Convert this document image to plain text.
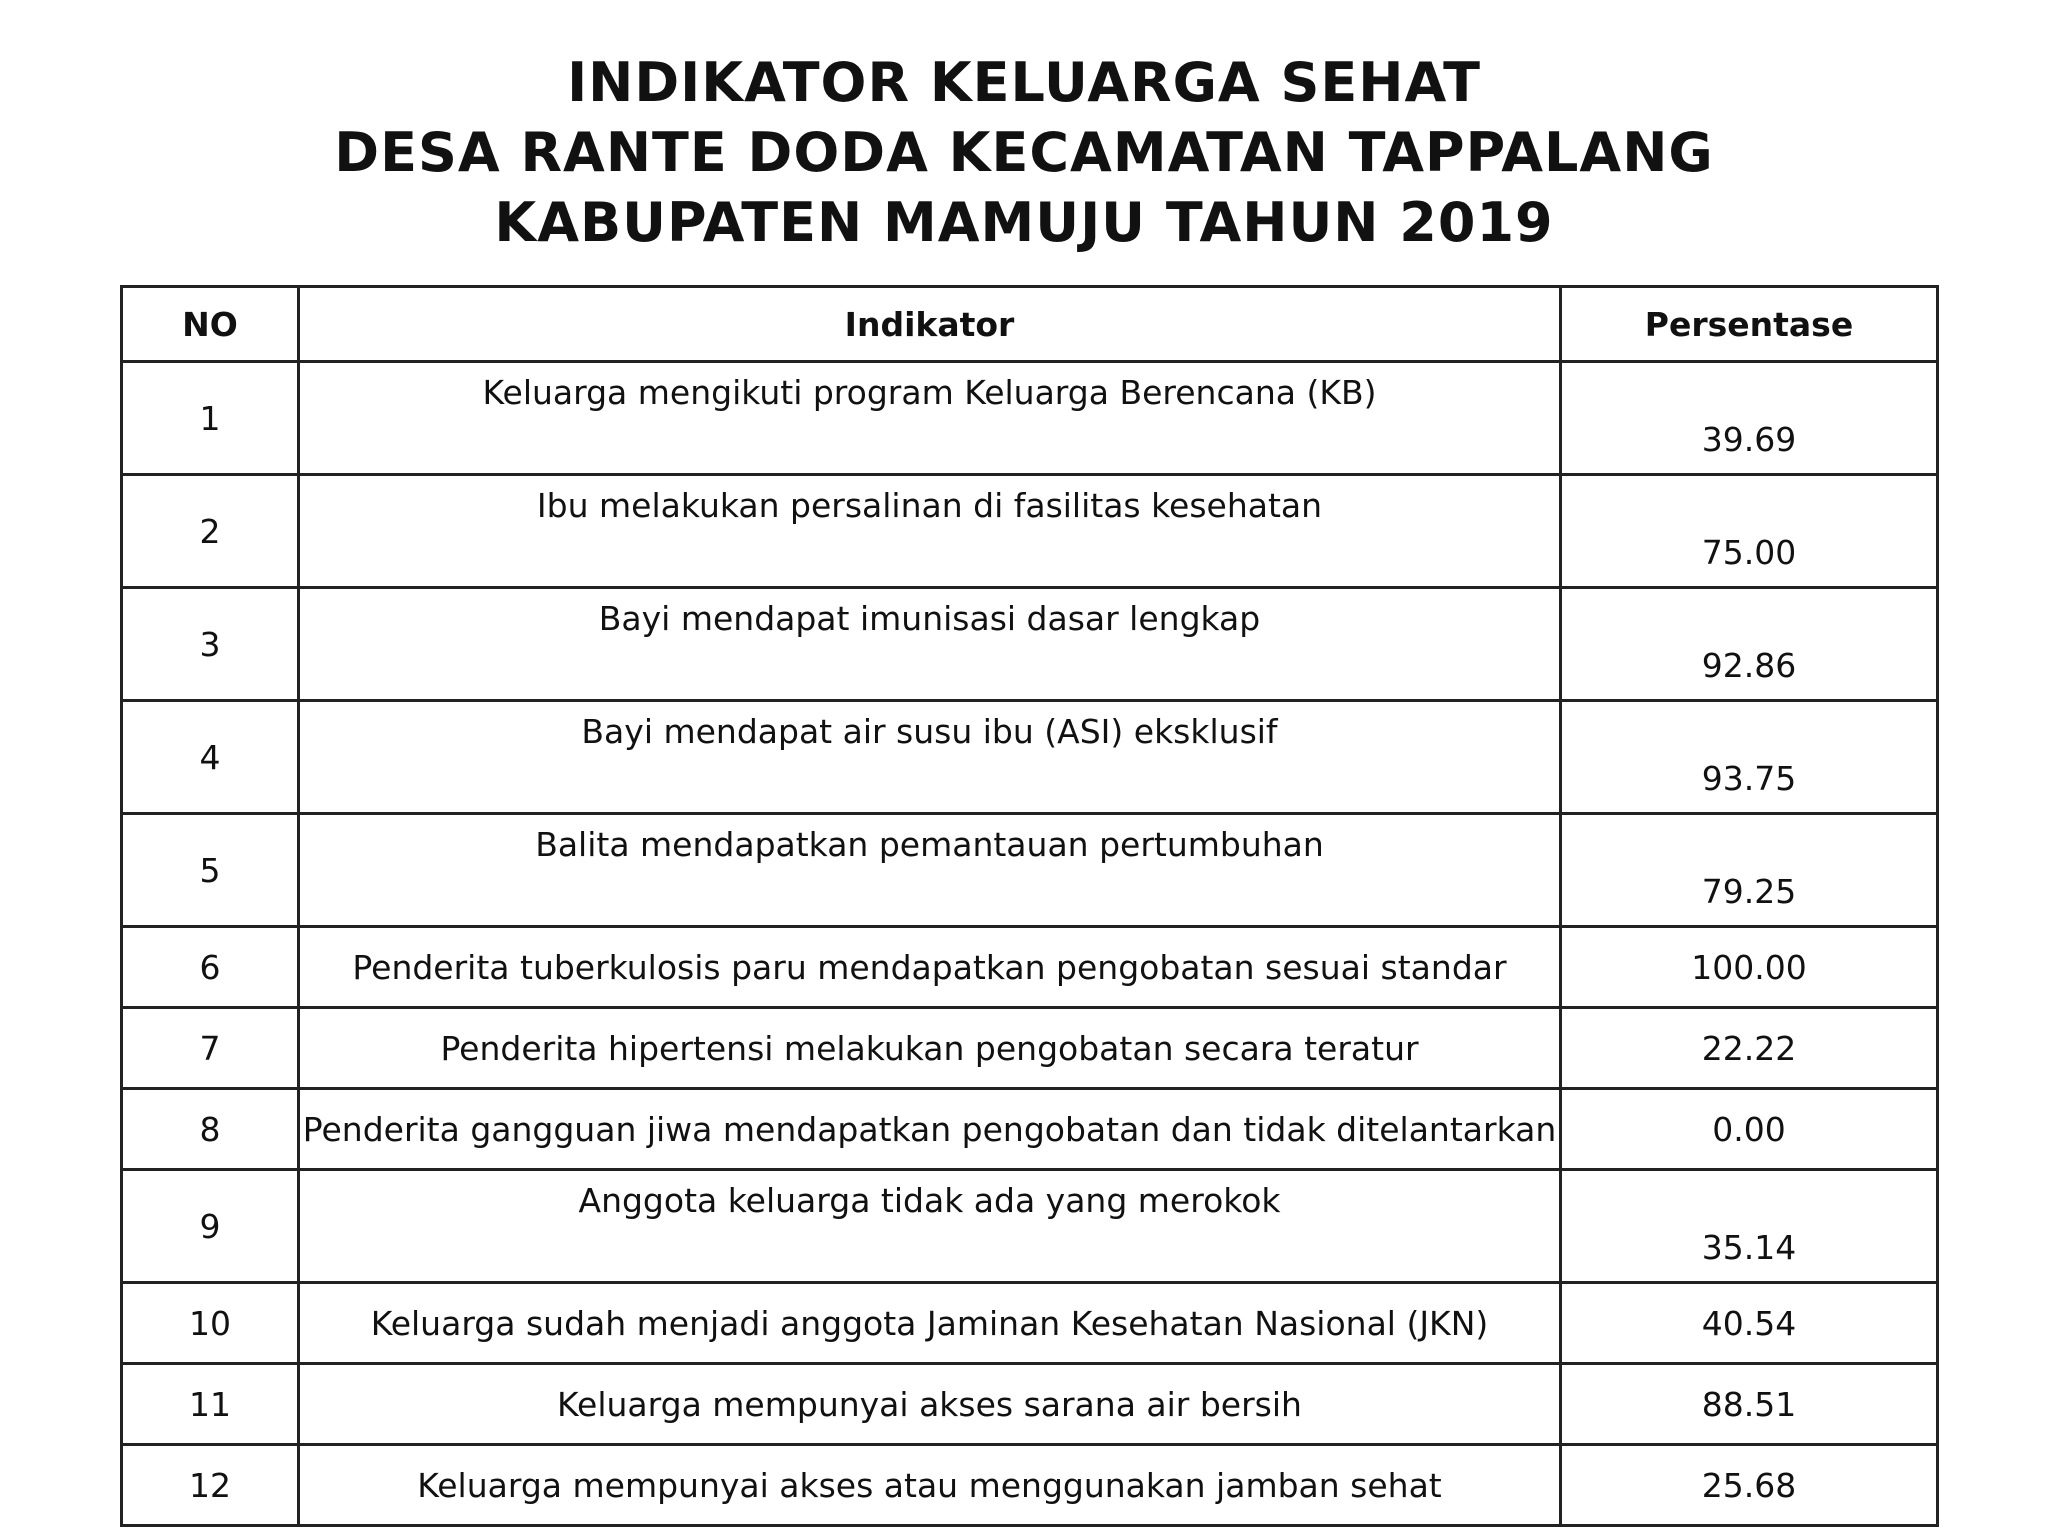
INDIKATOR KELUARGA SEHAT
DESA RANTE DODA KECAMATAN TAPPALANG
KABUPATEN MAMUJU TAHUN 2019
NO	Indikator	Persentase
1	Keluarga mengikuti program Keluarga Berencana (KB)	39.69
2	Ibu melakukan persalinan di fasilitas kesehatan	75.00
3	Bayi mendapat imunisasi dasar lengkap	92.86
4	Bayi mendapat air susu ibu (ASI) eksklusif	93.75
5	Balita mendapatkan pemantauan pertumbuhan	79.25
6	Penderita tuberkulosis paru mendapatkan pengobatan sesuai standar	100.00
7	Penderita hipertensi melakukan pengobatan secara teratur	22.22
8	Penderita gangguan jiwa mendapatkan pengobatan dan tidak ditelantarkan	0.00
9	Anggota keluarga tidak ada yang merokok	35.14
10	Keluarga sudah menjadi anggota Jaminan Kesehatan Nasional (JKN)	40.54
11	Keluarga mempunyai akses sarana air bersih	88.51
12	Keluarga mempunyai akses atau menggunakan jamban sehat	25.68
